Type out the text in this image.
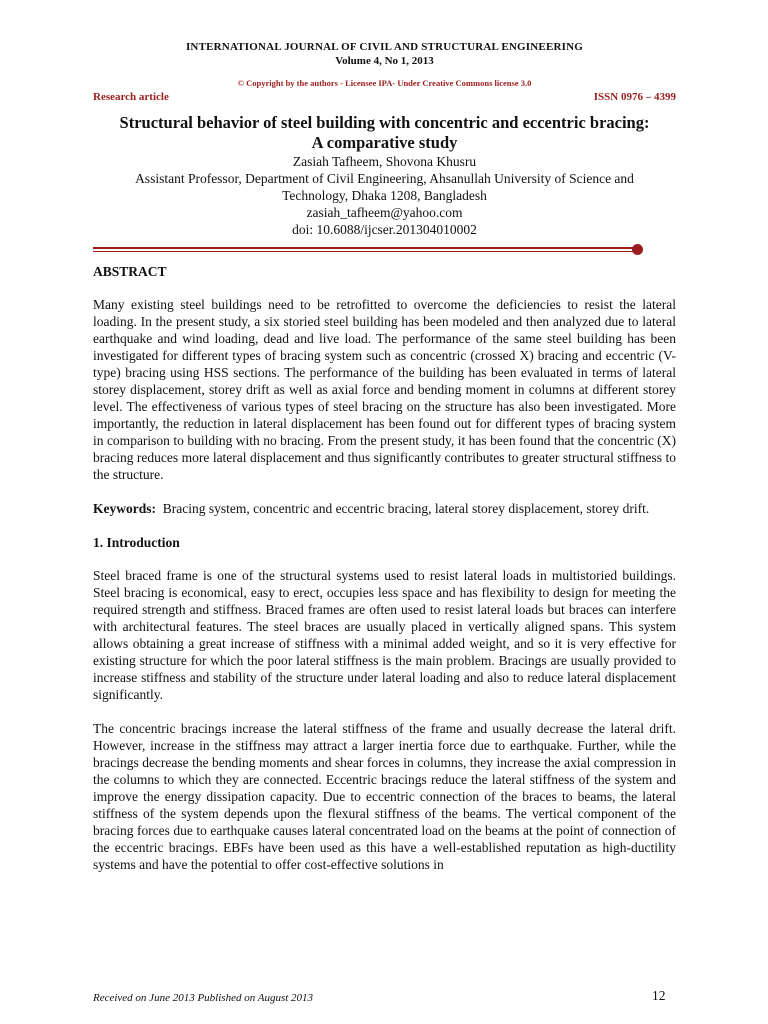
INTERNATIONAL JOURNAL OF CIVIL AND STRUCTURAL ENGINEERING
Volume 4, No 1, 2013
© Copyright by the authors - Licensee IPA- Under Creative Commons license 3.0
Research article	ISSN 0976 – 4399
Structural behavior of steel building with concentric and eccentric bracing:
A comparative study
Zasiah Tafheem, Shovona Khusru
Assistant Professor, Department of Civil Engineering, Ahsanullah University of Science and
Technology, Dhaka 1208, Bangladesh
zasiah_tafheem@yahoo.com
doi: 10.6088/ijcser.201304010002
ABSTRACT

Many existing steel buildings need to be retrofitted to overcome the deficiencies to resist the lateral loading. In the present study, a six storied steel building has been modeled and then analyzed due to lateral earthquake and wind loading, dead and live load. The performance of the same steel building has been investigated for different types of bracing system such as concentric (crossed X) bracing and eccentric (V-type) bracing using HSS sections. The performance of the building has been evaluated in terms of lateral storey displacement, storey drift as well as axial force and bending moment in columns at different storey level. The effectiveness of various types of steel bracing on the structure has also been investigated. More importantly, the reduction in lateral displacement has been found out for different types of bracing system in comparison to building with no bracing. From the present study, it has been found that the concentric (X) bracing reduces more lateral displacement and thus significantly contributes to greater structural stiffness to the structure.

Keywords: Bracing system, concentric and eccentric bracing, lateral storey displacement, storey drift.

1. Introduction

Steel braced frame is one of the structural systems used to resist lateral loads in multistoried buildings. Steel bracing is economical, easy to erect, occupies less space and has flexibility to design for meeting the required strength and stiffness. Braced frames are often used to resist lateral loads but braces can interfere with architectural features. The steel braces are usually placed in vertically aligned spans. This system allows obtaining a great increase of stiffness with a minimal added weight, and so it is very effective for existing structure for which the poor lateral stiffness is the main problem. Bracings are usually provided to increase stiffness and stability of the structure under lateral loading and also to reduce lateral displacement significantly.

The concentric bracings increase the lateral stiffness of the frame and usually decrease the lateral drift. However, increase in the stiffness may attract a larger inertia force due to earthquake. Further, while the bracings decrease the bending moments and shear forces in columns, they increase the axial compression in the columns to which they are connected. Eccentric bracings reduce the lateral stiffness of the system and improve the energy dissipation capacity. Due to eccentric connection of the braces to beams, the lateral stiffness of the system depends upon the flexural stiffness of the beams. The vertical component of the bracing forces due to earthquake causes lateral concentrated load on the beams at the point of connection of the eccentric bracings. EBFs have been used as this have a well-established reputation as high-ductility systems and have the potential to offer cost-effective solutions in

Received on June 2013 Published on August 2013	12
